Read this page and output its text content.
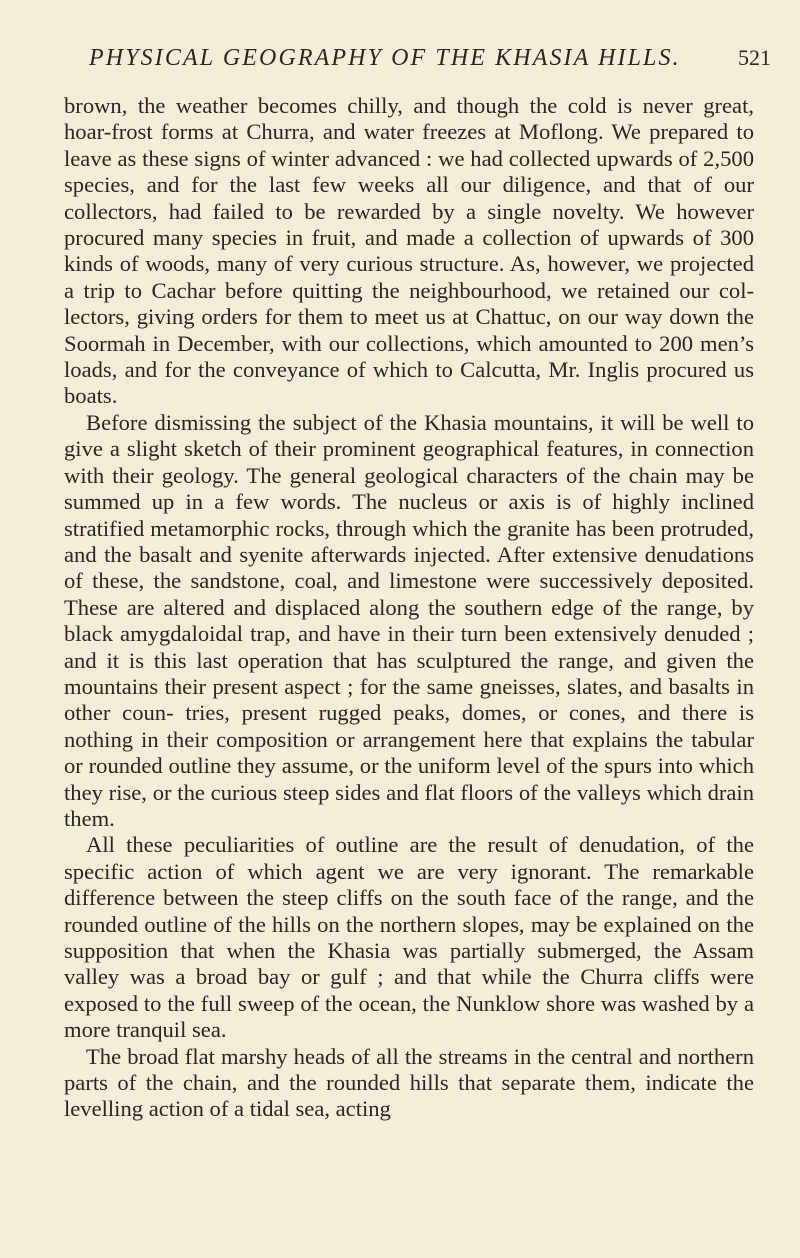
PHYSICAL GEOGRAPHY OF THE KHASIA HILLS.	521

brown, the weather becomes chilly, and though the cold is never great, hoar-frost forms at Churra, and water freezes at Moflong. We prepared to leave as these signs of winter advanced : we had collected upwards of 2,500 species, and for the last few weeks all our diligence, and that of our collectors, had failed to be rewarded by a single novelty. We however procured many species in fruit, and made a collection of upwards of 300 kinds of woods, many of very curious structure. As, however, we projected a trip to Cachar before quitting the neighbourhood, we retained our col- lectors, giving orders for them to meet us at Chattuc, on our way down the Soormah in December, with our collections, which amounted to 200 men’s loads, and for the conveyance of which to Calcutta, Mr. Inglis procured us boats.

Before dismissing the subject of the Khasia mountains, it will be well to give a slight sketch of their prominent geographical features, in connection with their geology. The general geological characters of the chain may be summed up in a few words. The nucleus or axis is of highly inclined stratified metamorphic rocks, through which the granite has been protruded, and the basalt and syenite afterwards injected. After extensive denudations of these, the sandstone, coal, and limestone were successively deposited. These are altered and displaced along the southern edge of the range, by black amygdaloidal trap, and have in their turn been extensively denuded ; and it is this last operation that has sculptured the range, and given the mountains their present aspect ; for the same gneisses, slates, and basalts in other coun- tries, present rugged peaks, domes, or cones, and there is nothing in their composition or arrangement here that explains the tabular or rounded outline they assume, or the uniform level of the spurs into which they rise, or the curious steep sides and flat floors of the valleys which drain them.

All these peculiarities of outline are the result of denudation, of the specific action of which agent we are very ignorant. The remarkable difference between the steep cliffs on the south face of the range, and the rounded outline of the hills on the northern slopes, may be explained on the supposition that when the Khasia was partially submerged, the Assam valley was a broad bay or gulf ; and that while the Churra cliffs were exposed to the full sweep of the ocean, the Nunklow shore was washed by a more tranquil sea.

The broad flat marshy heads of all the streams in the central and northern parts of the chain, and the rounded hills that separate them, indicate the levelling action of a tidal sea, acting
